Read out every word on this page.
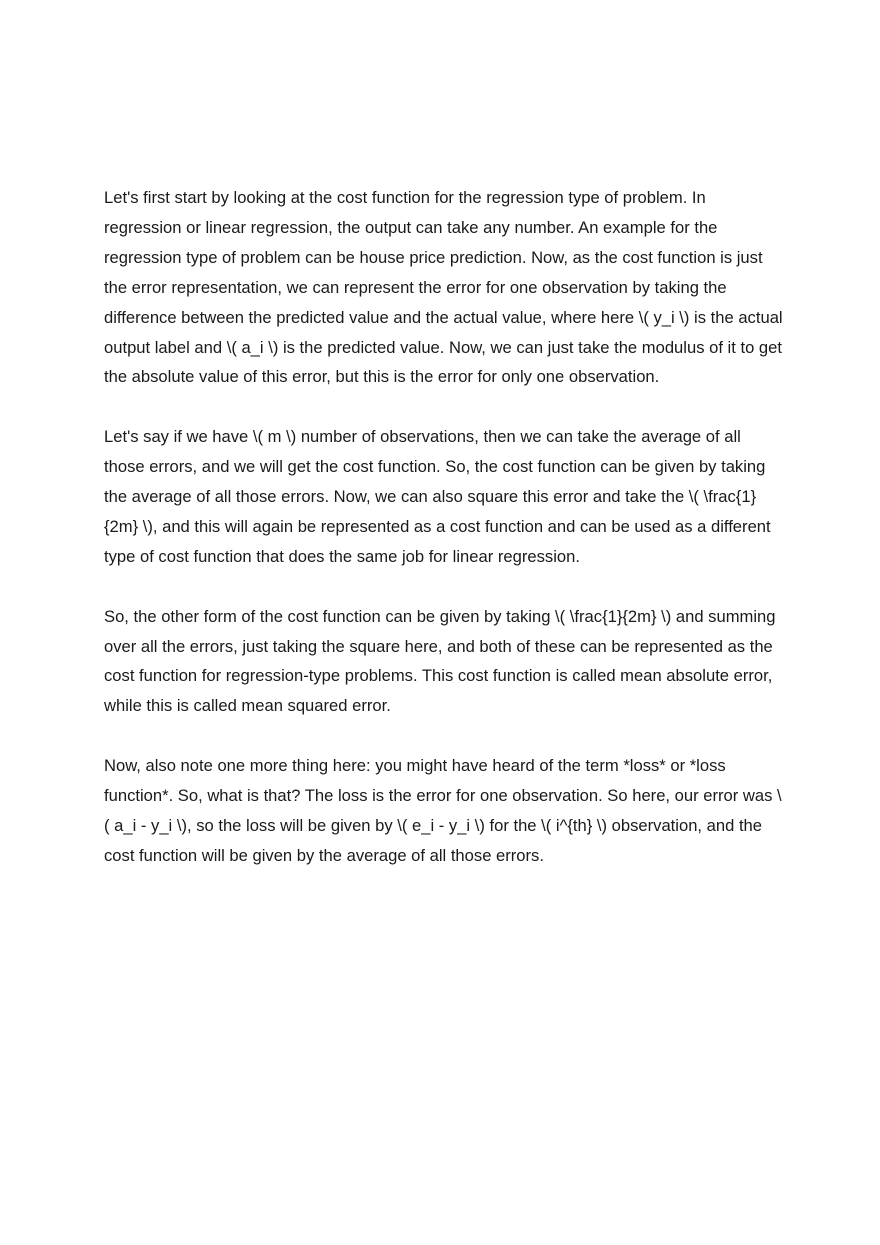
Let's first start by looking at the cost function for the regression type of problem. In regression or linear regression, the output can take any number. An example for the regression type of problem can be house price prediction. Now, as the cost function is just the error representation, we can represent the error for one observation by taking the difference between the predicted value and the actual value, where here \( y_i \) is the actual output label and \( a_i \) is the predicted value. Now, we can just take the modulus of it to get the absolute value of this error, but this is the error for only one observation.

Let's say if we have \( m \) number of observations, then we can take the average of all those errors, and we will get the cost function. So, the cost function can be given by taking the average of all those errors. Now, we can also square this error and take the \( \frac{1}{2m} \), and this will again be represented as a cost function and can be used as a different type of cost function that does the same job for linear regression.

So, the other form of the cost function can be given by taking \( \frac{1}{2m} \) and summing over all the errors, just taking the square here, and both of these can be represented as the cost function for regression-type problems. This cost function is called mean absolute error, while this is called mean squared error.

Now, also note one more thing here: you might have heard of the term *loss* or *loss function*. So, what is that? The loss is the error for one observation. So here, our error was \( a_i - y_i \), so the loss will be given by \( e_i - y_i \) for the \( i^{th} \) observation, and the cost function will be given by the average of all those errors.
